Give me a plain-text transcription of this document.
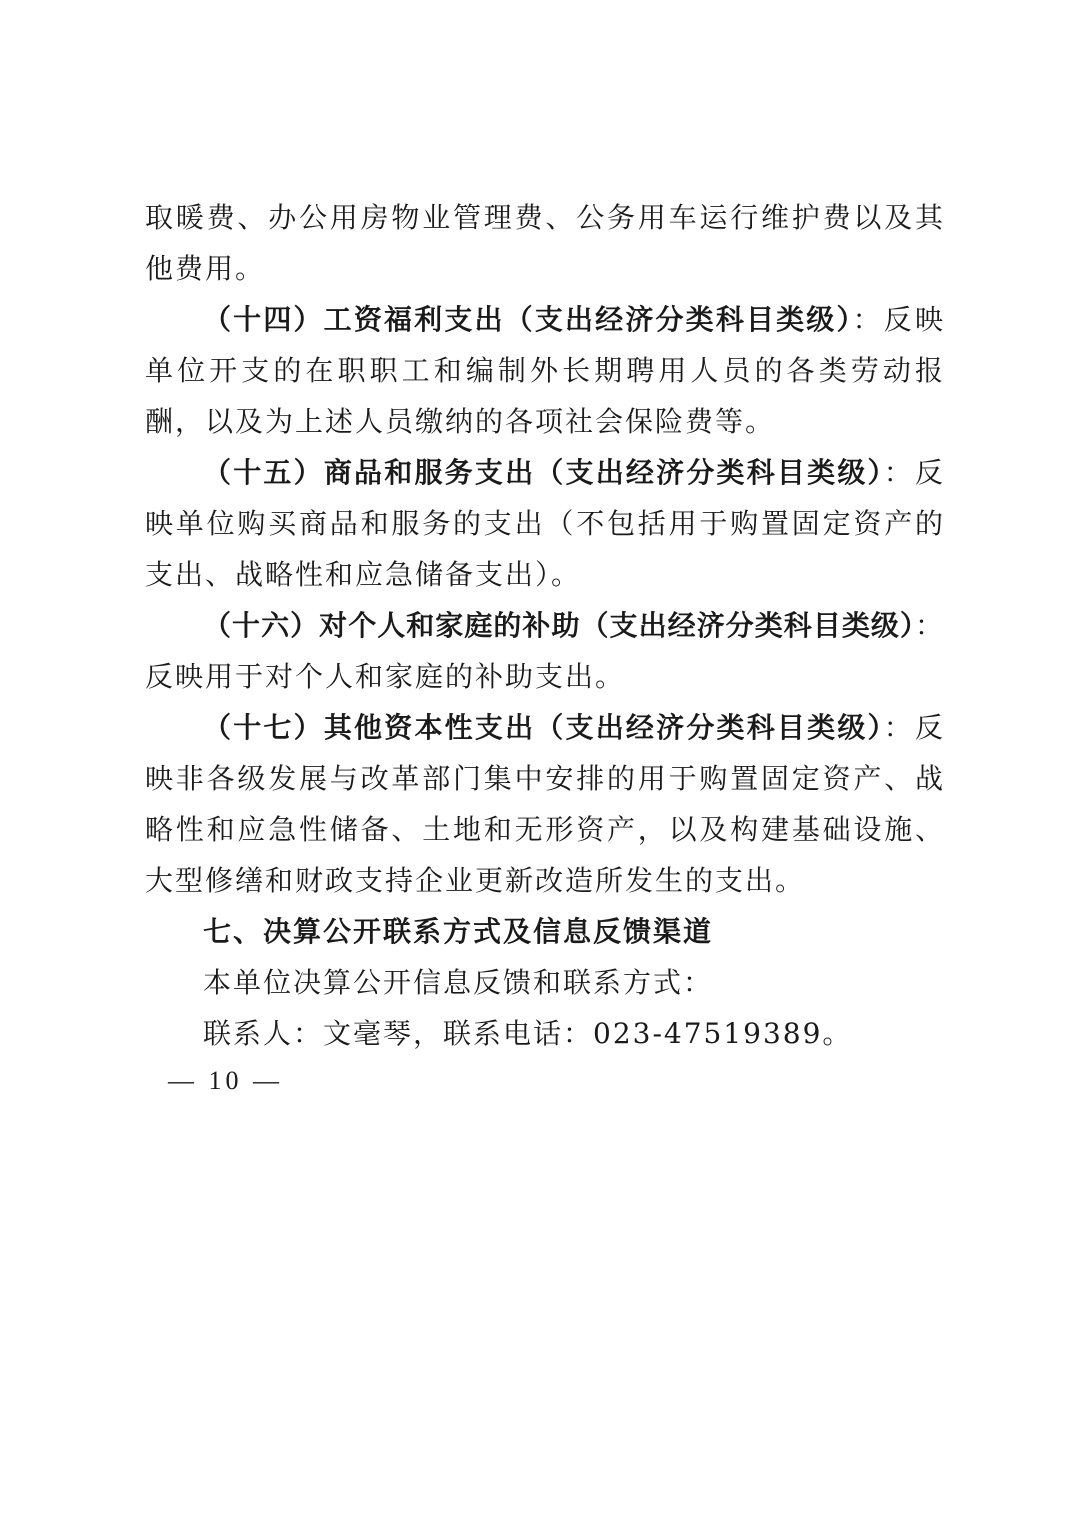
取暖费、办公用房物业管理费、公务用车运行维护费以及其他费用。

（十四）工资福利支出（支出经济分类科目类级）：反映单位开支的在职职工和编制外长期聘用人员的各类劳动报酬，以及为上述人员缴纳的各项社会保险费等。

（十五）商品和服务支出（支出经济分类科目类级）：反映单位购买商品和服务的支出（不包括用于购置固定资产的支出、战略性和应急储备支出）。

（十六）对个人和家庭的补助（支出经济分类科目类级）：反映用于对个人和家庭的补助支出。

（十七）其他资本性支出（支出经济分类科目类级）：反映非各级发展与改革部门集中安排的用于购置固定资产、战略性和应急性储备、土地和无形资产，以及构建基础设施、大型修缮和财政支持企业更新改造所发生的支出。

七、决算公开联系方式及信息反馈渠道

本单位决算公开信息反馈和联系方式：

联系人：文毫琴，联系电话：023-47519389。

— 10 —
